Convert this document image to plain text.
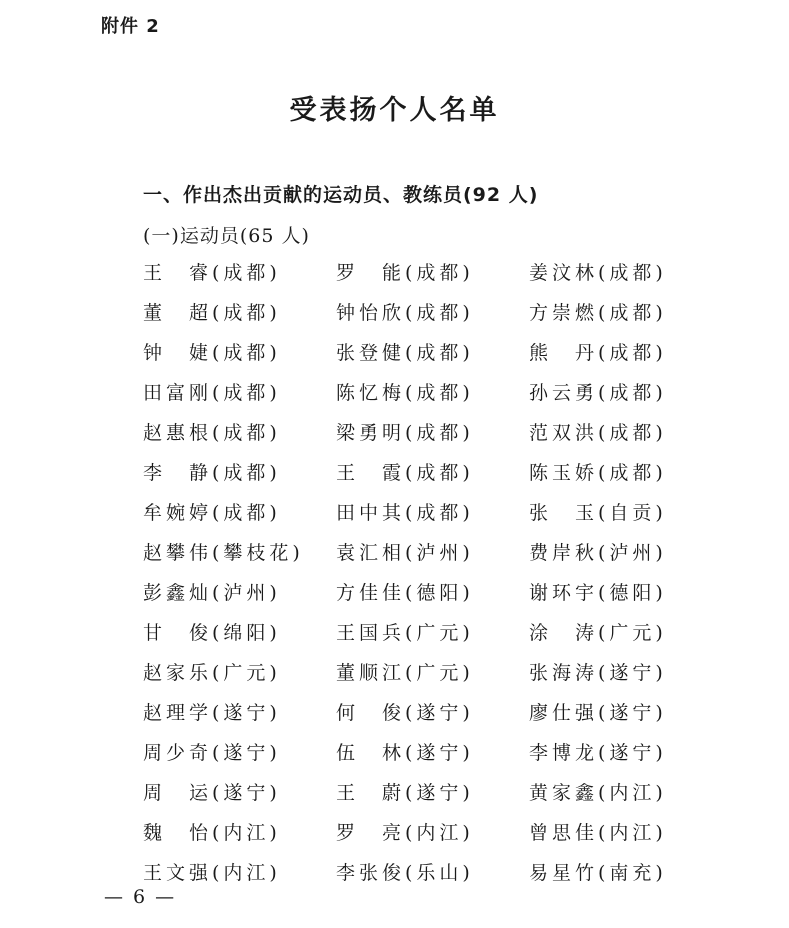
附件 2
受表扬个人名单
一、作出杰出贡献的运动员、教练员(92 人)
(一)运动员(65 人)
王　睿(成都)	罗　能(成都)	姜汶林(成都)
董　超(成都)	钟怡欣(成都)	方崇燃(成都)
钟　婕(成都)	张登健(成都)	熊　丹(成都)
田富刚(成都)	陈忆梅(成都)	孙云勇(成都)
赵惠根(成都)	梁勇明(成都)	范双洪(成都)
李　静(成都)	王　霞(成都)	陈玉娇(成都)
牟婉婷(成都)	田中其(成都)	张　玉(自贡)
赵攀伟(攀枝花)	袁汇相(泸州)	费岸秋(泸州)
彭鑫灿(泸州)	方佳佳(德阳)	谢环宇(德阳)
甘　俊(绵阳)	王国兵(广元)	涂　涛(广元)
赵家乐(广元)	董顺江(广元)	张海涛(遂宁)
赵理学(遂宁)	何　俊(遂宁)	廖仕强(遂宁)
周少奇(遂宁)	伍　林(遂宁)	李博龙(遂宁)
周　运(遂宁)	王　蔚(遂宁)	黄家鑫(内江)
魏　怡(内江)	罗　亮(内江)	曾思佳(内江)
王文强(内江)	李张俊(乐山)	易星竹(南充)
— 6 —
